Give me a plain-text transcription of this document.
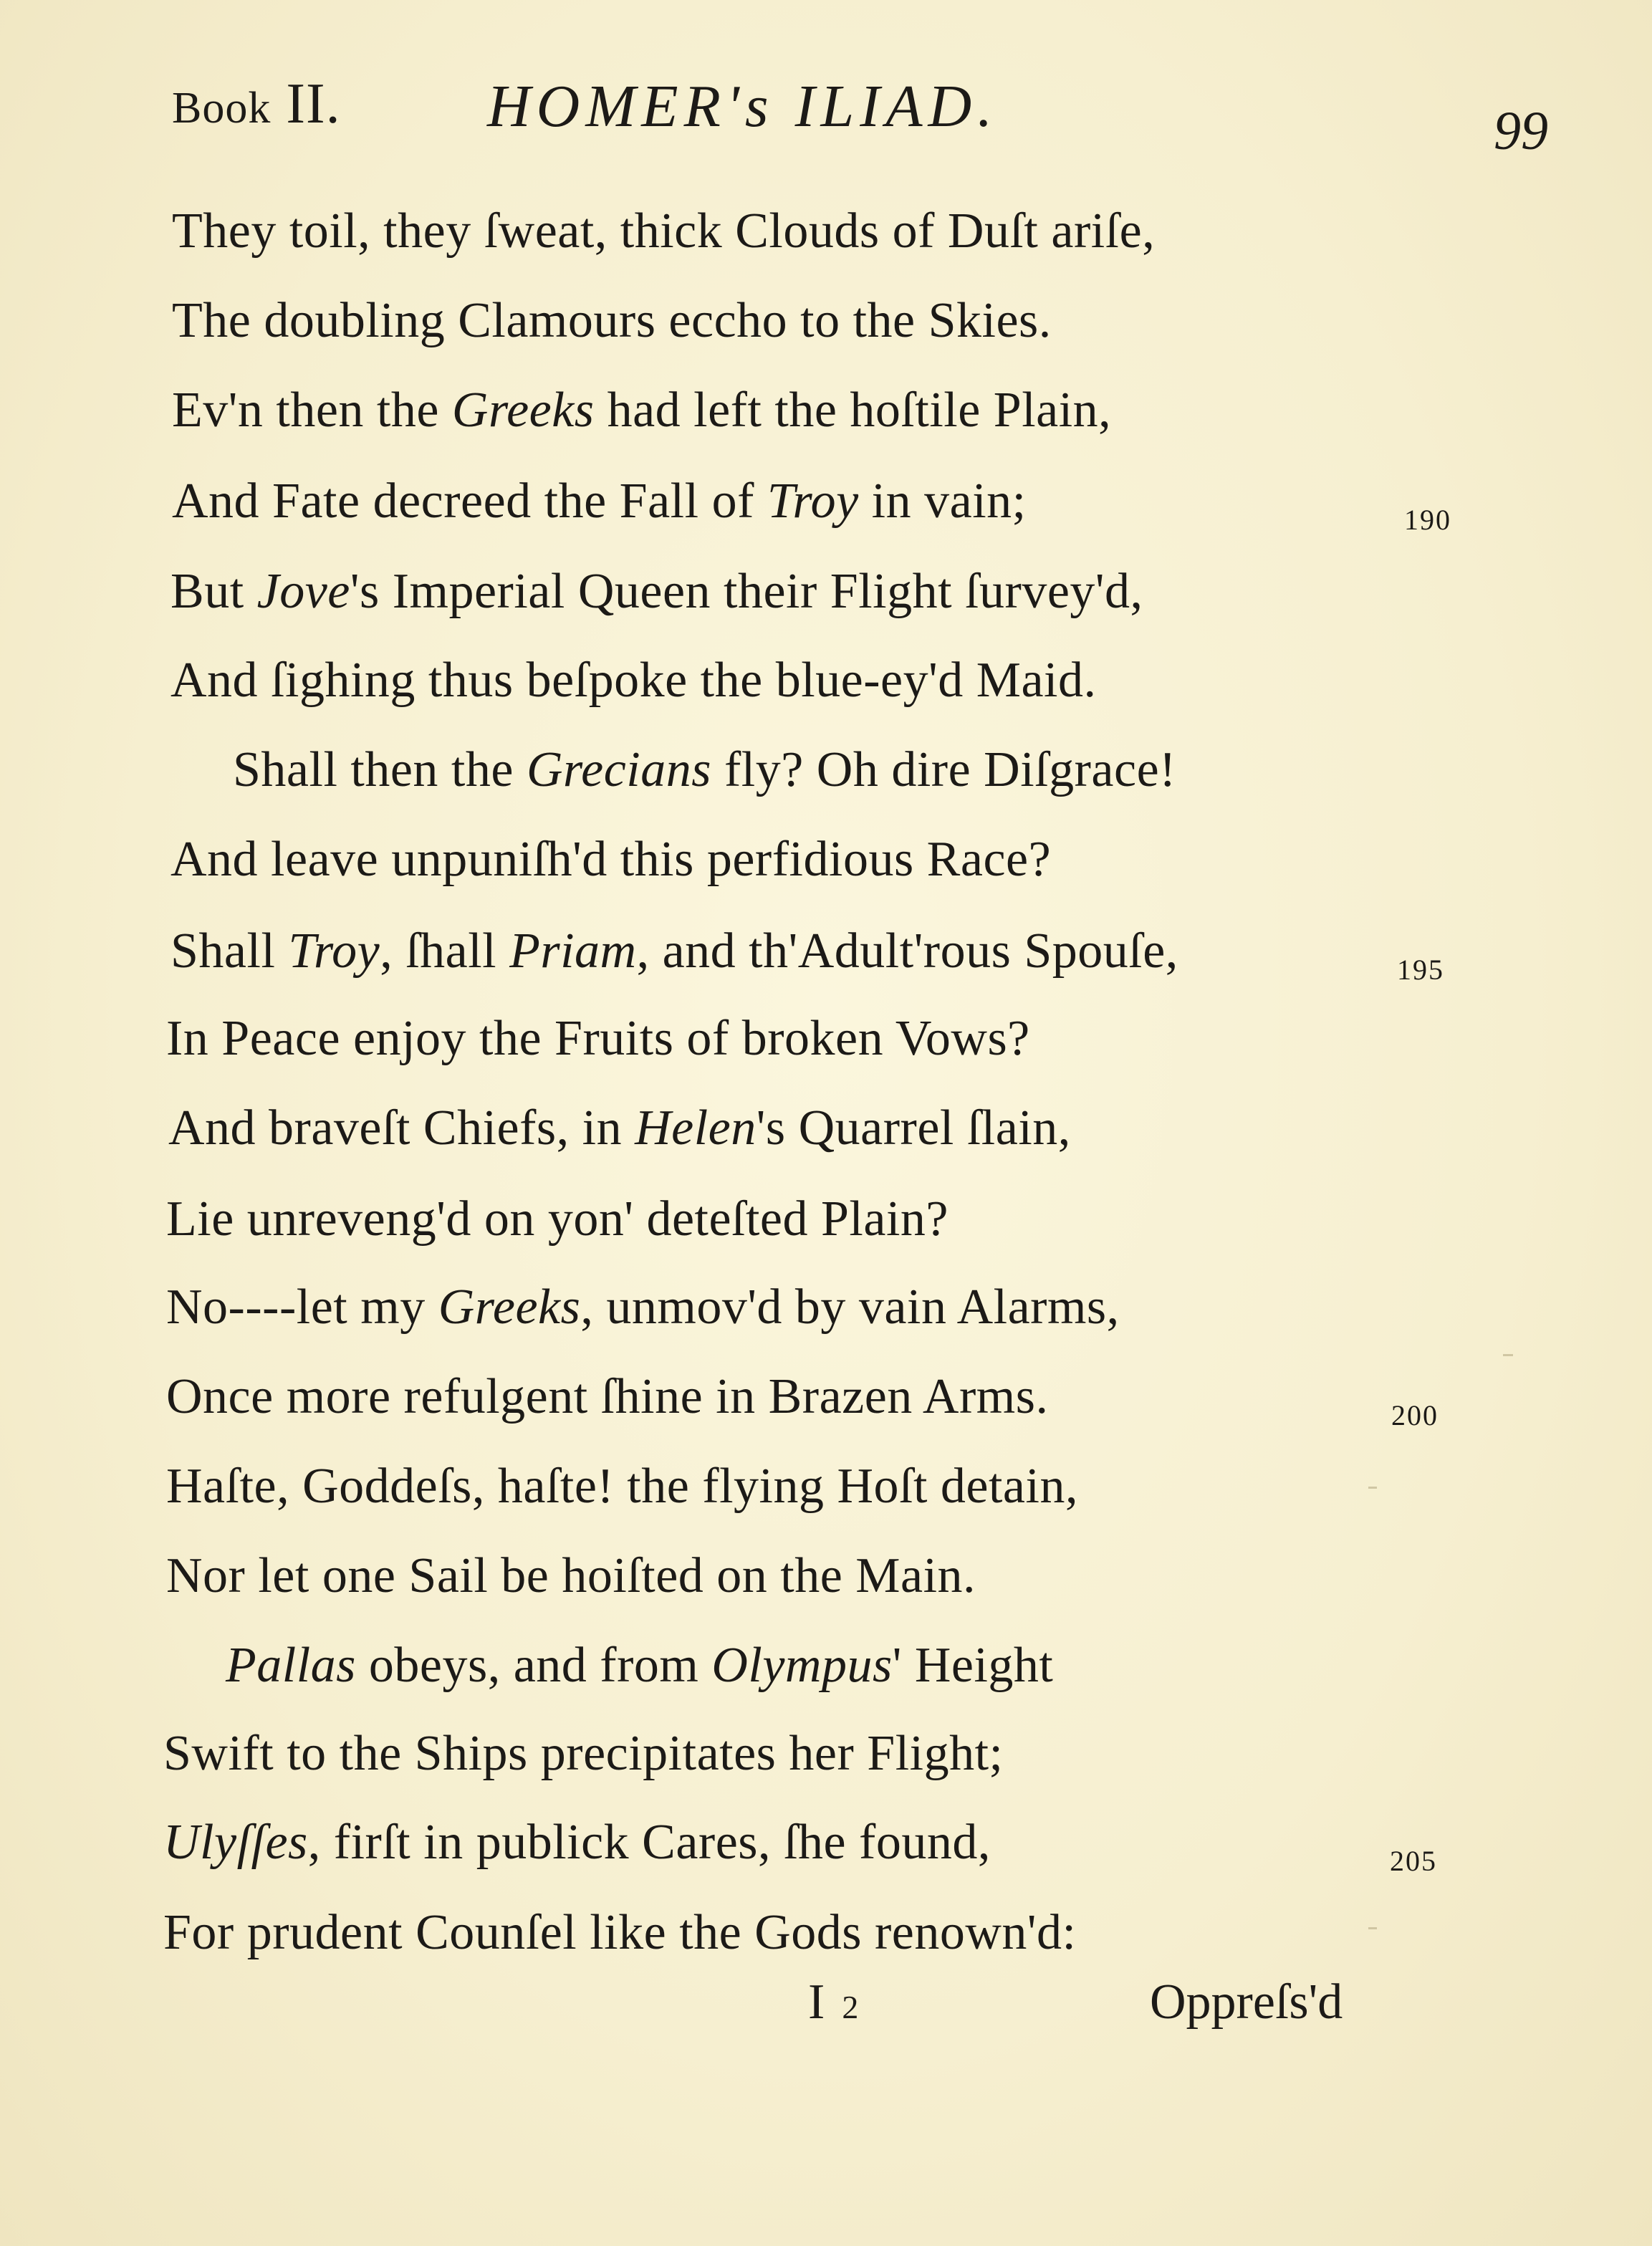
Book II. HOMER's ILIAD.	99
They toil, they ſweat, thick Clouds of Duſt ariſe,
The doubling Clamours eccho to the Skies.
Ev'n then the Greeks had left the hoſtile Plain,
And Fate decreed the Fall of Troy in vain;	190
But Jove's Imperial Queen their Flight ſurvey'd,
And ſighing thus beſpoke the blue-ey'd Maid.
Shall then the Grecians fly? Oh dire Diſgrace!
And leave unpuniſh'd this perfidious Race?
Shall Troy, ſhall Priam, and th'Adult'rous Spouſe,	195
In Peace enjoy the Fruits of broken Vows?
And braveſt Chiefs, in Helen's Quarrel ſlain,
Lie unreveng'd on yon' deteſted Plain?
No----let my Greeks, unmov'd by vain Alarms,
Once more refulgent ſhine in Brazen Arms.	200
Haſte, Goddeſs, haſte! the flying Hoſt detain,
Nor let one Sail be hoiſted on the Main.
Pallas obeys, and from Olympus' Height
Swift to the Ships precipitates her Flight;
Ulyſſes, firſt in publick Cares, ſhe found,	205
For prudent Counſel like the Gods renown'd:
I 2	Oppreſs'd
